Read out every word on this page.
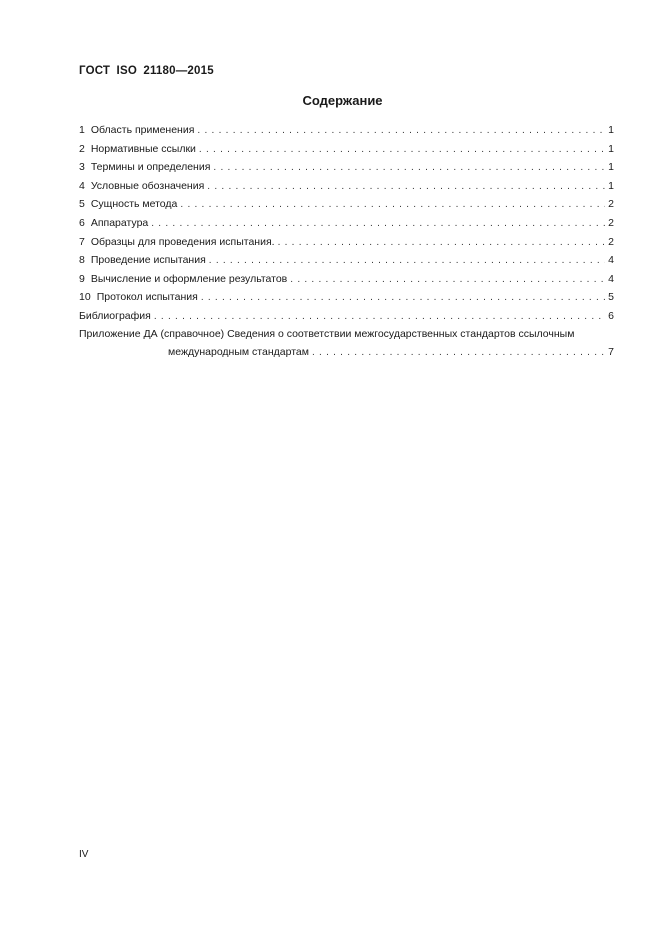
ГОСТ ISO 21180—2015
Содержание
1 Область применения . . .	1
2 Нормативные ссылки . . .	1
3 Термины и определения . . .	1
4 Условные обозначения . . .	1
5 Сущность метода . . .	2
6 Аппаратура . . .	2
7 Образцы для проведения испытания. . . .	2
8 Проведение испытания . . .	4
9 Вычисление и оформление результатов . . .	4
10 Протокол испытания . . .	5
Библиография . . .	6
Приложение ДА (справочное) Сведения о соответствии межгосударственных стандартов ссылочным
международным стандартам . . .	7
IV
